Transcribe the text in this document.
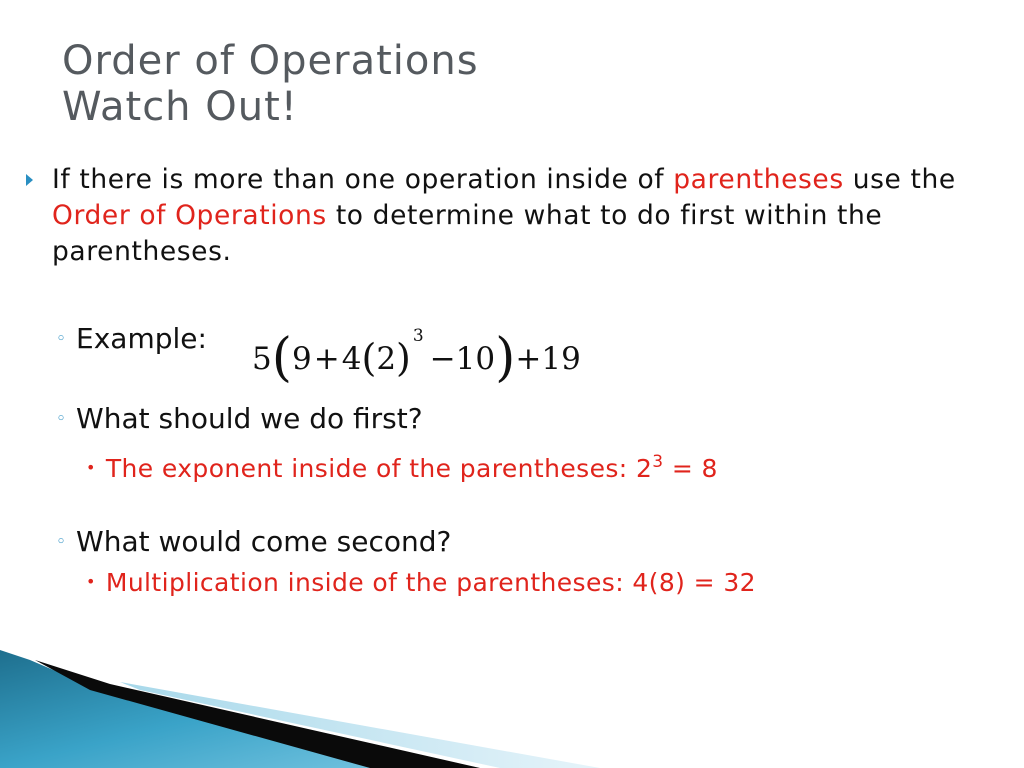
Order of Operations
Watch Out!
If there is more than one operation inside of parentheses use the Order of Operations to determine what to do first within the parentheses.
◦ Example:
5(9+4(2) $^3$−10)+19
◦ What should we do first?
• The exponent inside of the parentheses: $2^3 = 8$
◦ What would come second?
• Multiplication inside of the parentheses: 4(8) = 32
